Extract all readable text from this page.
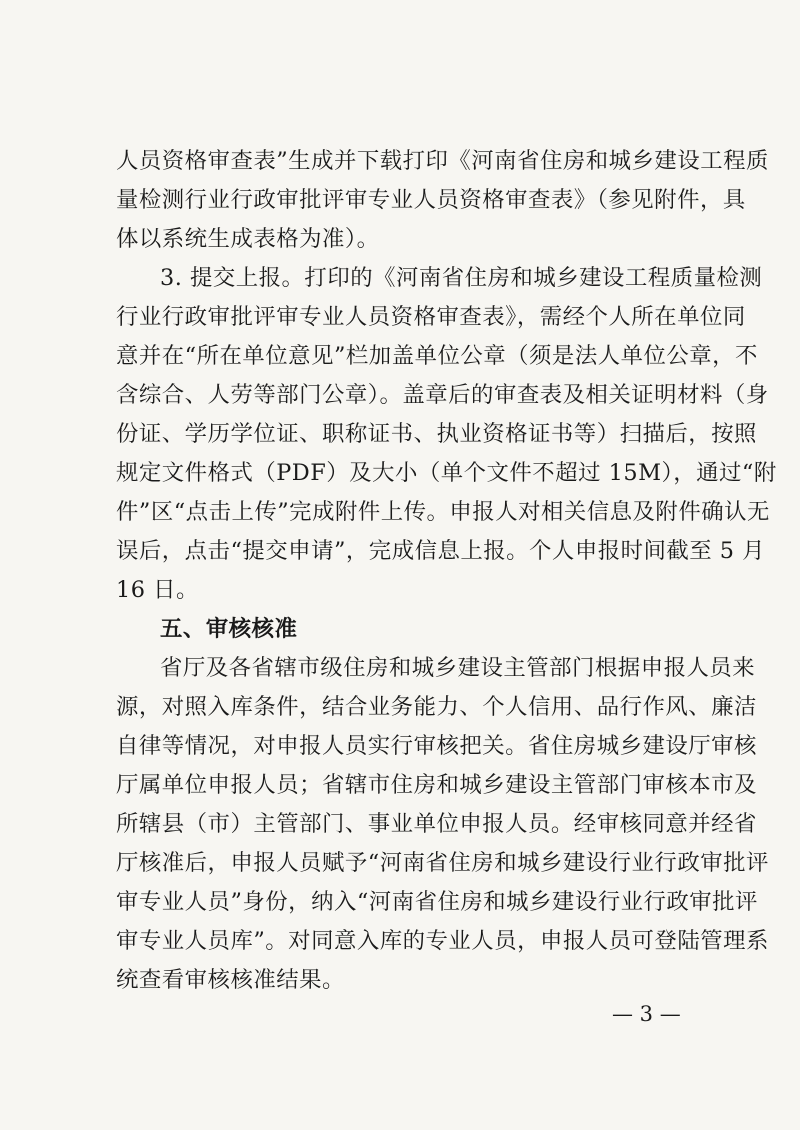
人员资格审查表”生成并下载打印《河南省住房和城乡建设工程质
量检测行业行政审批评审专业人员资格审查表》（参见附件，具
体以系统生成表格为准）。
3. 提交上报。打印的《河南省住房和城乡建设工程质量检测
行业行政审批评审专业人员资格审查表》，需经个人所在单位同
意并在“所在单位意见”栏加盖单位公章（须是法人单位公章，不
含综合、人劳等部门公章）。盖章后的审查表及相关证明材料（身
份证、学历学位证、职称证书、执业资格证书等）扫描后，按照
规定文件格式（PDF）及大小（单个文件不超过 15M），通过“附
件”区“点击上传”完成附件上传。申报人对相关信息及附件确认无
误后，点击“提交申请”，完成信息上报。个人申报时间截至 5 月
16 日。
五、审核核准
省厅及各省辖市级住房和城乡建设主管部门根据申报人员来
源，对照入库条件，结合业务能力、个人信用、品行作风、廉洁
自律等情况，对申报人员实行审核把关。省住房城乡建设厅审核
厅属单位申报人员；省辖市住房和城乡建设主管部门审核本市及
所辖县（市）主管部门、事业单位申报人员。经审核同意并经省
厅核准后，申报人员赋予“河南省住房和城乡建设行业行政审批评
审专业人员”身份，纳入“河南省住房和城乡建设行业行政审批评
审专业人员库”。对同意入库的专业人员，申报人员可登陆管理系
统查看审核核准结果。
— 3 —
